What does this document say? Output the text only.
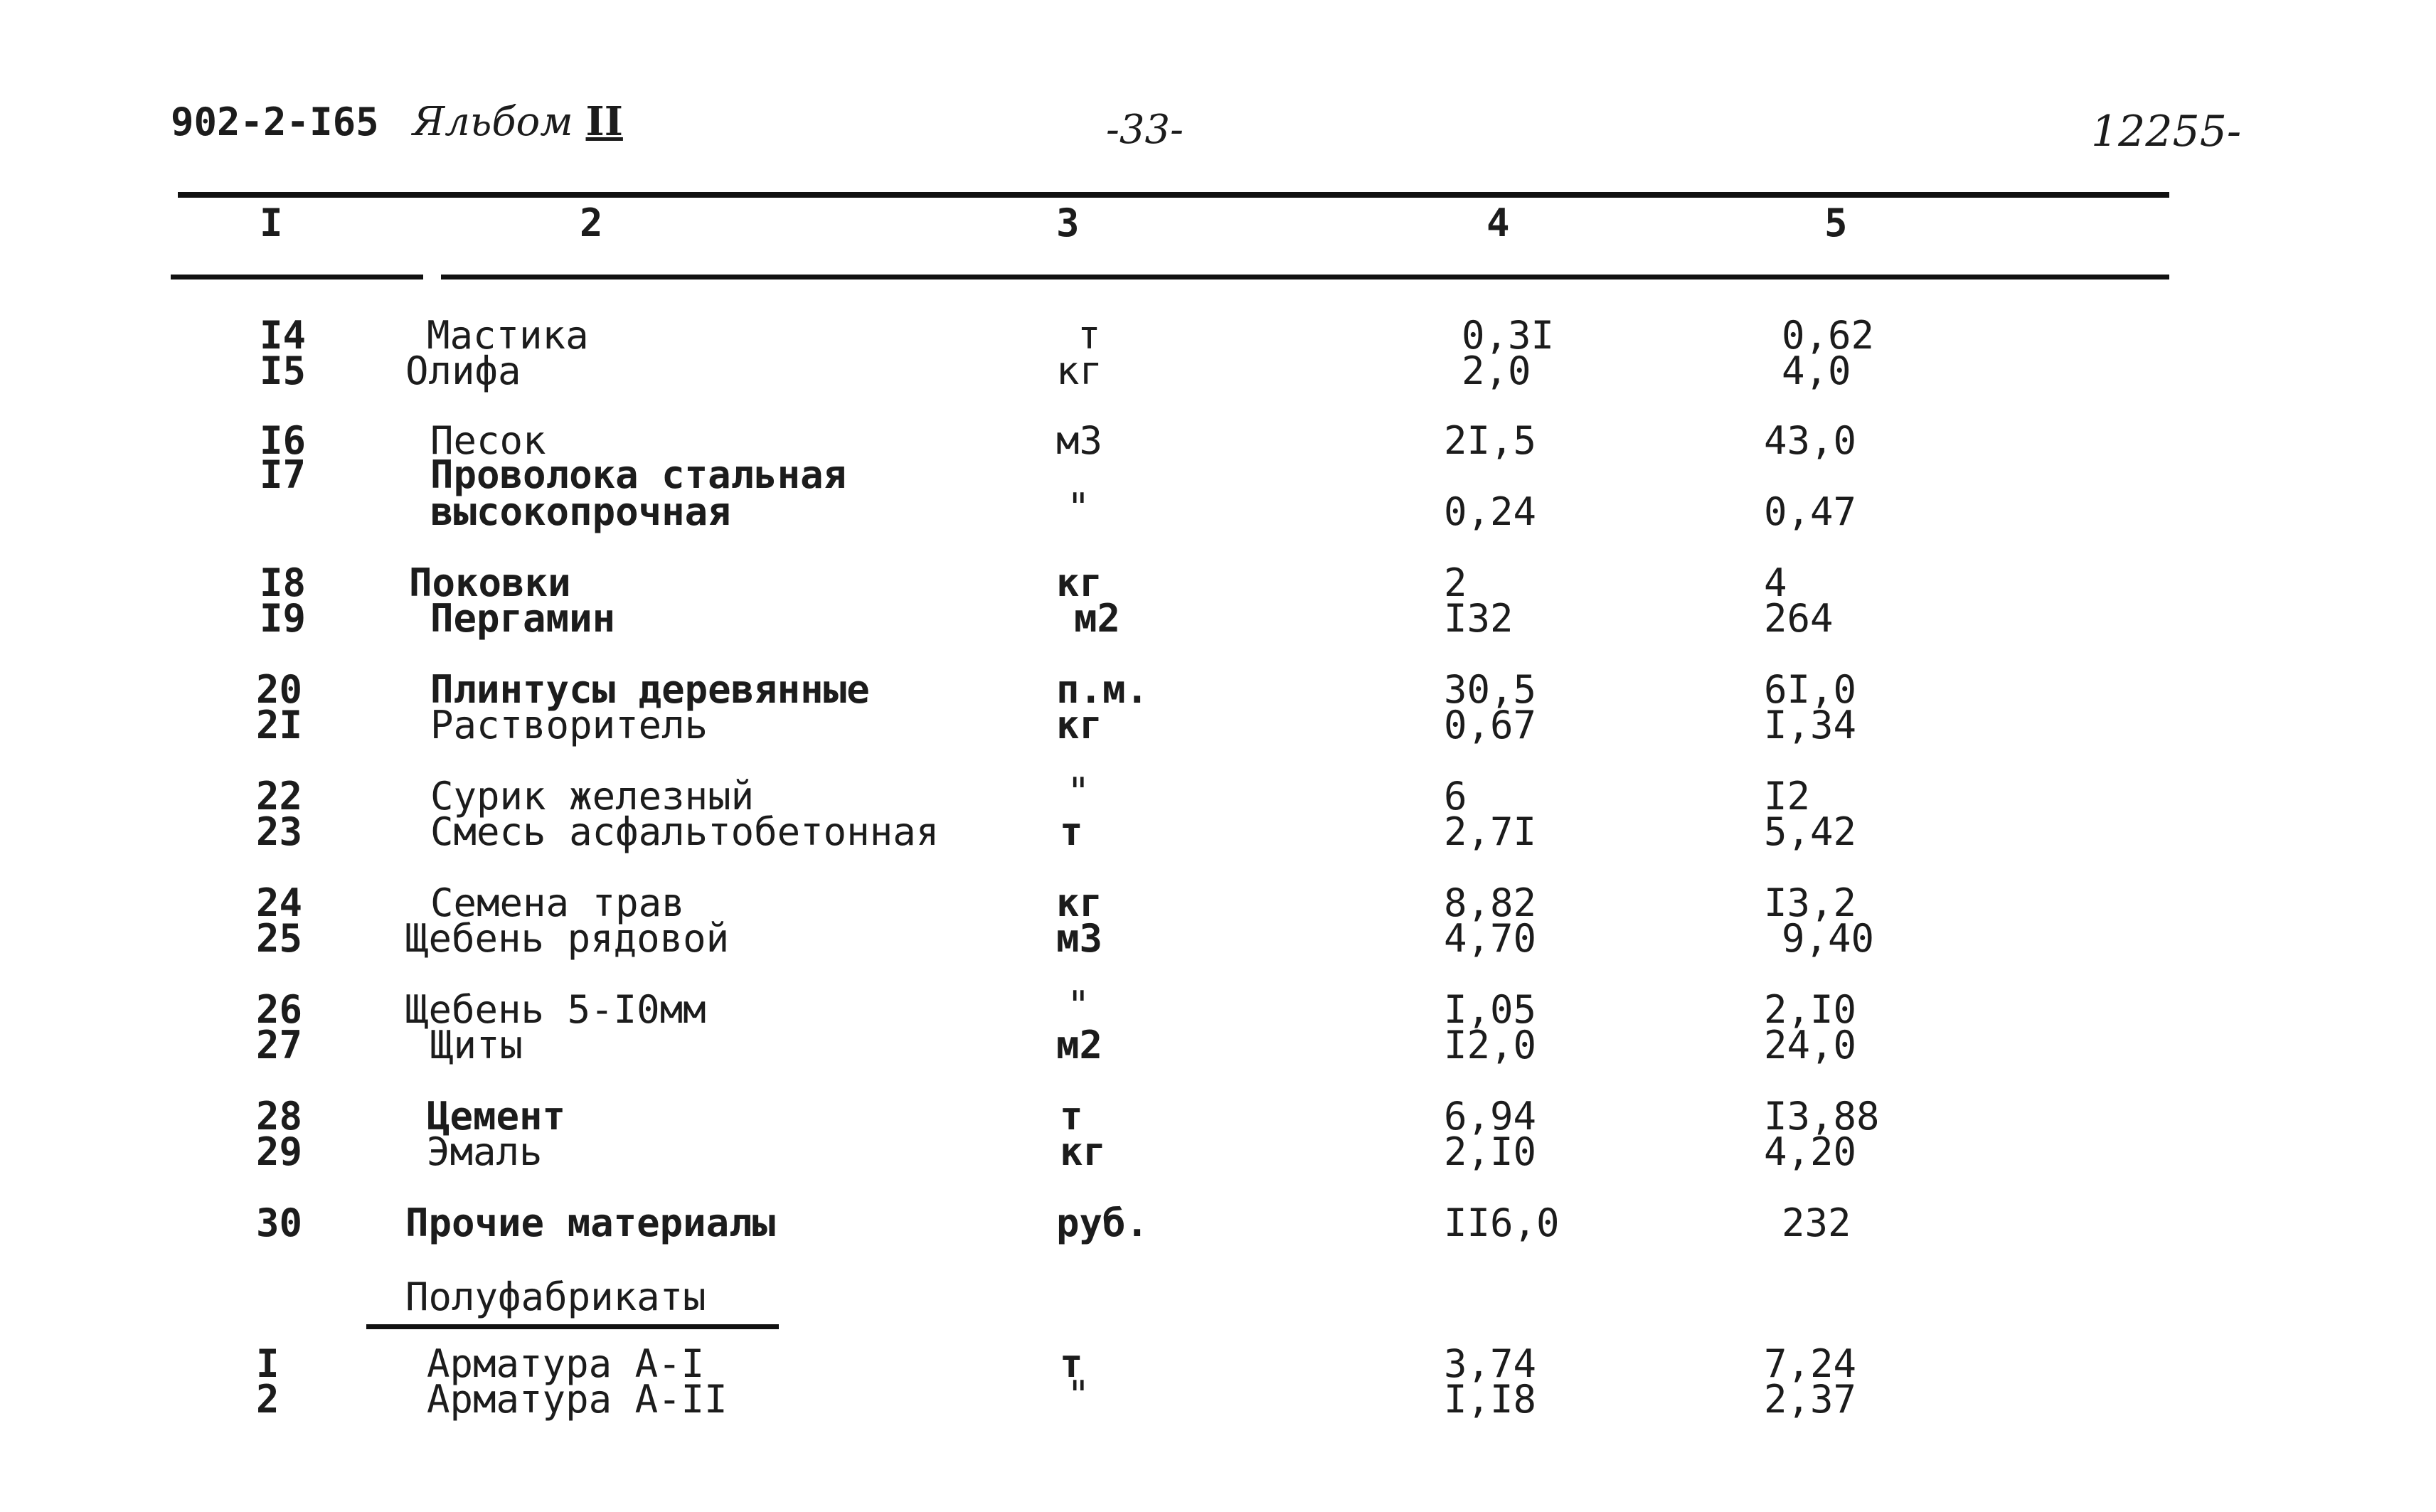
902-2-I65 Яльбом II	-33-	12255-
I	2	3	4	5
I4	Мастика	т	0,3I	0,62
I5	Олифа	кг	2,0	4,0
I6	Песок	м3	2I,5	43,0
I7	Проволока стальная
высокопрочная	"	0,24	0,47
I8	Поковки	кг	2	4
I9	Пергамин	м2	I32	264
20	Плинтусы деревянные	п.м.	30,5	6I,0
2I	Растворитель	кг	0,67	I,34
22	Сурик железный	"	6	I2
23	Смесь асфальтобетонная	т	2,7I	5,42
24	Семена трав	кг	8,82	I3,2
25	Щебень рядовой	м3	4,70	9,40
26	Щебень 5-I0мм	"	I,05	2,I0
27	Щиты	м2	I2,0	24,0
28	Цемент	т	6,94	I3,88
29	Эмаль	кг	2,I0	4,20
30	Прочие материалы	руб.	II6,0	232
Полуфабрикаты
I	Арматура А-I	т	3,74	7,24
2	Арматура А-II	"	I,I8	2,37
